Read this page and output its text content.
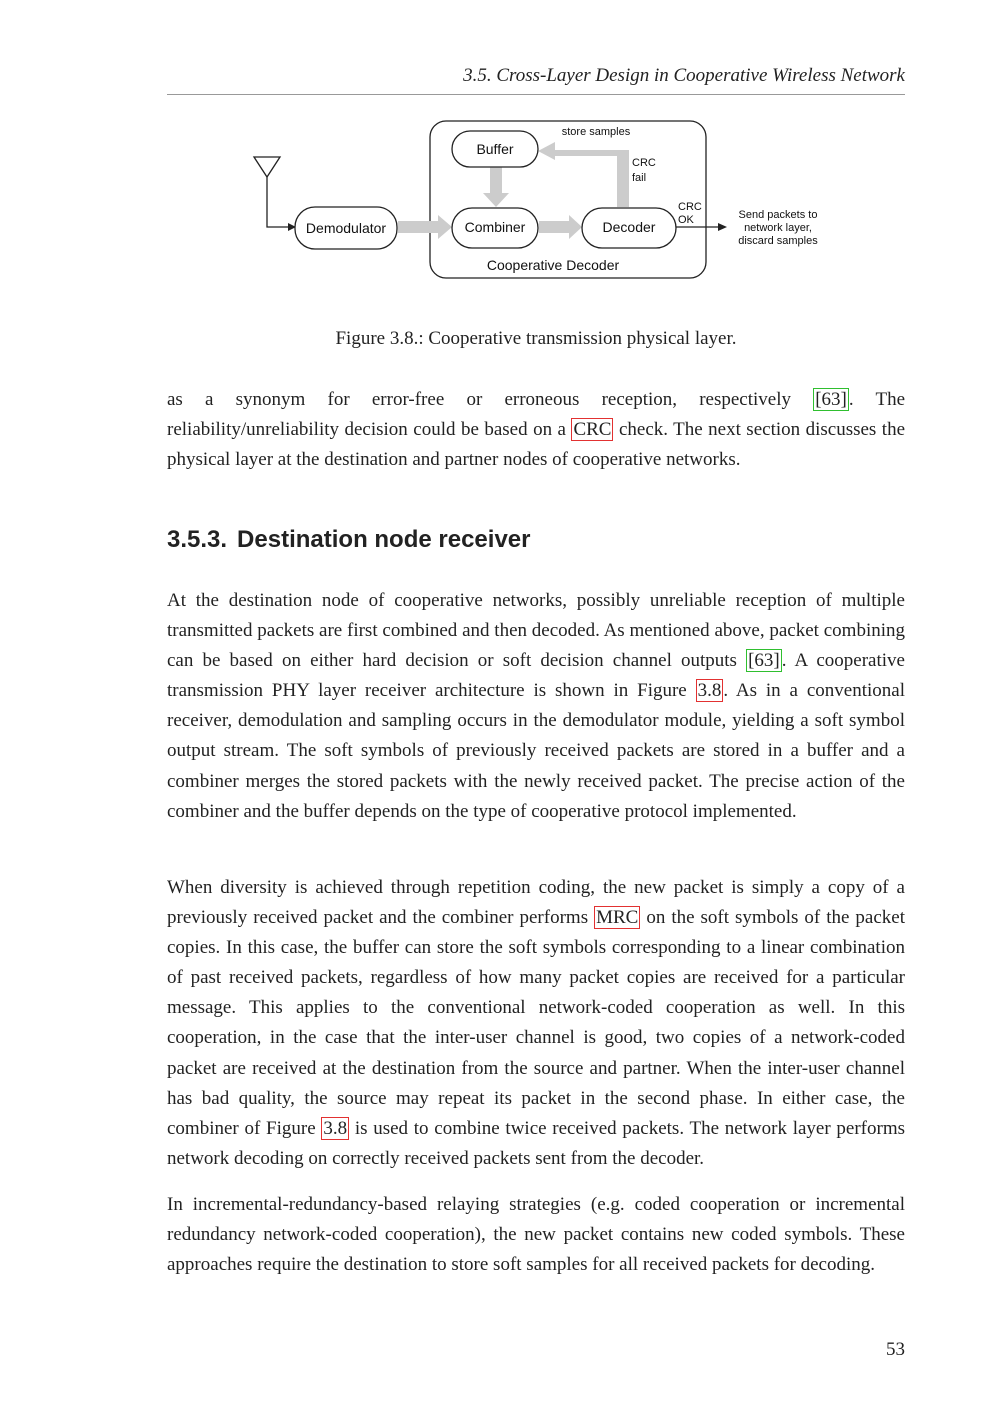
3.5. Cross-Layer Design in Cooperative Wireless Network
Demodulator
Buffer
Combiner	Decoder
Cooperative Decoder
store samples
CRC
fail
CRC
OK	Send packets to
network layer,
discard samples
Figure 3.8.: Cooperative transmission physical layer.

as a synonym for error-free or erroneous reception, respectively [63] . The reliability/unreliability decision could be based on a CRC check. The next section discusses the physical layer at the destination and partner nodes of cooperative networks.

3.5.3. Destination node receiver

At the destination node of cooperative networks, possibly unreliable reception of multiple transmitted packets are first combined and then decoded. As mentioned above, packet combining can be based on either hard decision or soft decision channel outputs [63] . A cooperative transmission PHY layer receiver architecture is shown in Figure 3.8 . As in a conventional receiver, demodulation and sampling occurs in the demodulator module, yielding a soft symbol output stream. The soft symbols of previously received packets are stored in a buffer and a combiner merges the stored packets with the newly received packet. The precise action of the combiner and the buffer depends on the type of cooperative protocol implemented.

When diversity is achieved through repetition coding, the new packet is simply a copy of a previously received packet and the combiner performs MRC on the soft symbols of the packet copies. In this case, the buffer can store the soft symbols corresponding to a linear combination of past received packets, regardless of how many packet copies are received for a particular message. This applies to the conventional network-coded cooperation as well. In this cooperation, in the case that the inter-user channel is good, two copies of a network-coded packet are received at the destination from the source and partner. When the inter-user channel has bad quality, the source may repeat its packet in the second phase. In either case, the combiner of Figure 3.8 is used to combine twice received packets. The network layer performs network decoding on correctly received packets sent from the decoder.

In incremental-redundancy-based relaying strategies (e.g. coded cooperation or incremental redundancy network-coded cooperation), the new packet contains new coded symbols. These approaches require the destination to store soft samples for all received packets for decoding.

53
